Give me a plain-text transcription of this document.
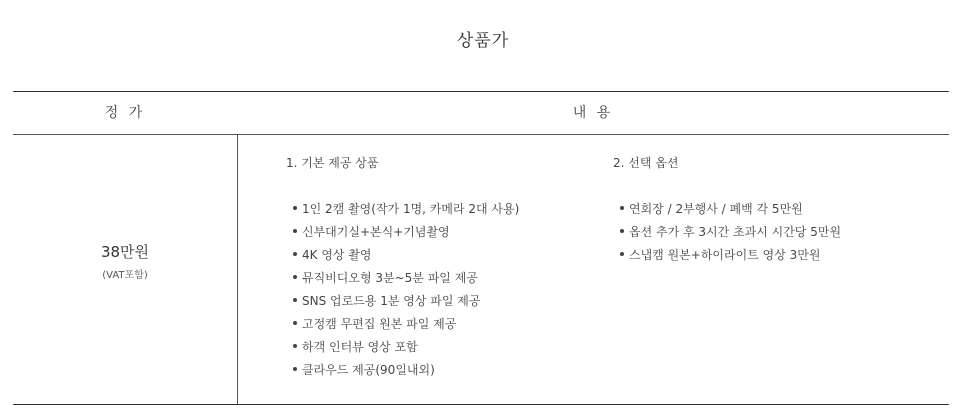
상품가
정 가	내 용
38만원
(VAT포함)
1. 기본 제공 상품
1인 2캠 촬영(작가 1명, 카메라 2대 사용)
신부대기실+본식+기념촬영
4K 영상 촬영
뮤직비디오형 3분~5분 파일 제공
SNS 업로드용 1분 영상 파일 제공
고정캠 무편집 원본 파일 제공
하객 인터뷰 영상 포함
클라우드 제공(90일내외)
2. 선택 옵션
연회장 / 2부행사 / 폐백 각 5만원
옵션 추가 후 3시간 초과시 시간당 5만원
스냅캠 원본+하이라이트 영상 3만원
